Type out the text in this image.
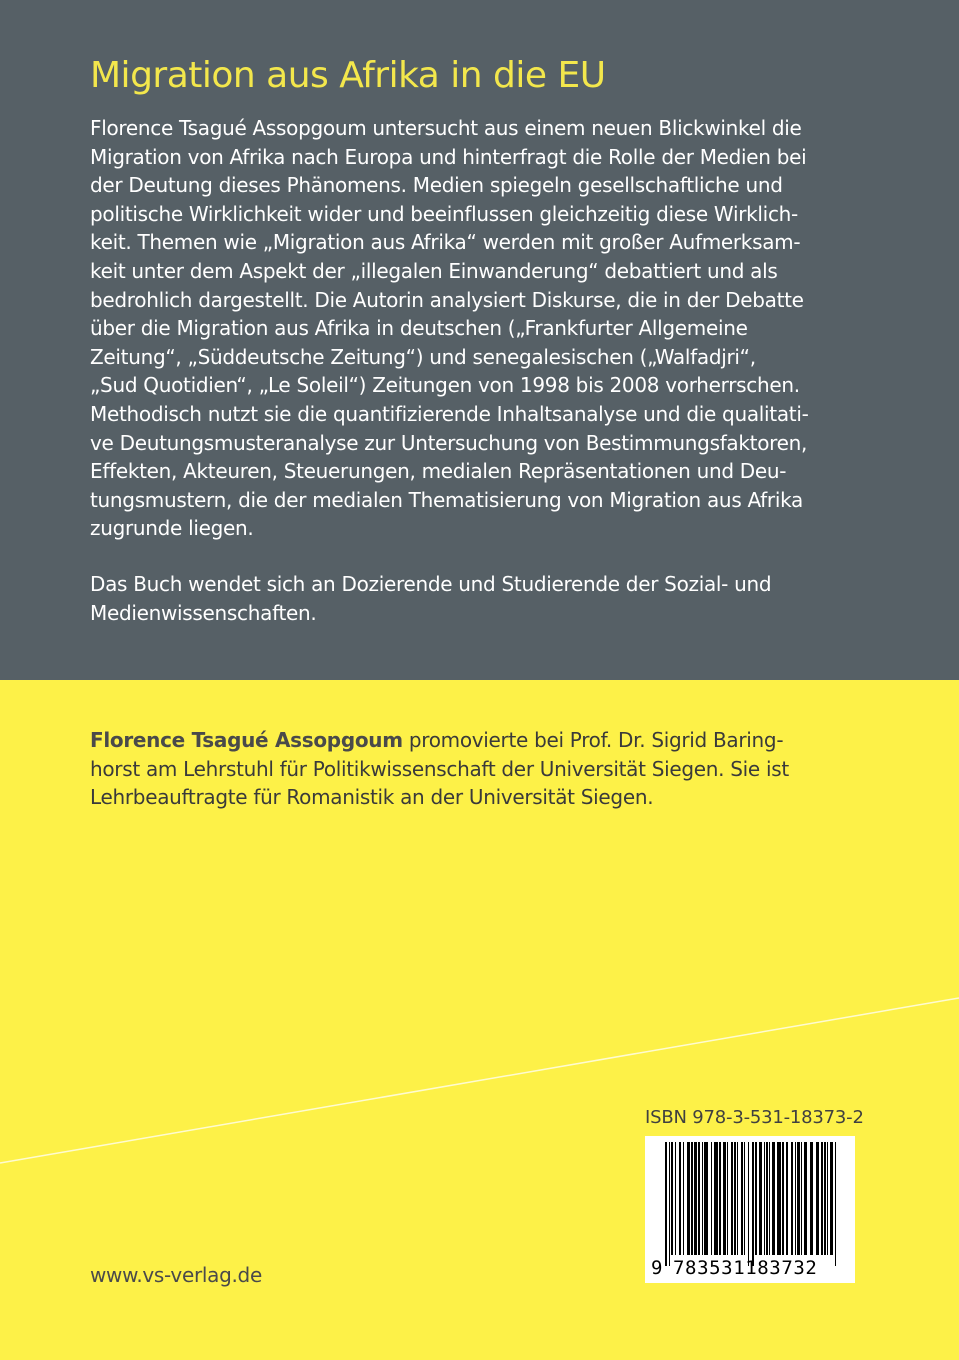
Migration aus Afrika in die EU
Florence Tsagué Assopgoum untersucht aus einem neuen Blickwinkel die
Migration von Afrika nach Europa und hinterfragt die Rolle der Medien bei
der Deutung dieses Phänomens. Medien spiegeln gesellschaftliche und
politische Wirklichkeit wider und beeinflussen gleichzeitig diese Wirklich-
keit. Themen wie „Migration aus Afrika“ werden mit großer Aufmerksam-
keit unter dem Aspekt der „illegalen Einwanderung“ debattiert und als
bedrohlich dargestellt. Die Autorin analysiert Diskurse, die in der Debatte
über die Migration aus Afrika in deutschen („Frankfurter Allgemeine
Zeitung“, „Süddeutsche Zeitung“) und senegalesischen („Walfadjri“,
„Sud Quotidien“, „Le Soleil“) Zeitungen von 1998 bis 2008 vorherrschen.
Methodisch nutzt sie die quantifizierende Inhaltsanalyse und die qualitati-
ve Deutungsmusteranalyse zur Untersuchung von Bestimmungsfaktoren,
Effekten, Akteuren, Steuerungen, medialen Repräsentationen und Deu-
tungsmustern, die der medialen Thematisierung von Migration aus Afrika
zugrunde liegen.
Das Buch wendet sich an Dozierende und Studierende der Sozial- und
Medienwissenschaften.
Florence Tsagué Assopgoum promovierte bei Prof. Dr. Sigrid Baring-
horst am Lehrstuhl für Politikwissenschaft der Universität Siegen. Sie ist
Lehrbeauftragte für Romanistik an der Universität Siegen.

ISBN 978-3-531-18373-2

9 783531183732

www.vs-verlag.de
